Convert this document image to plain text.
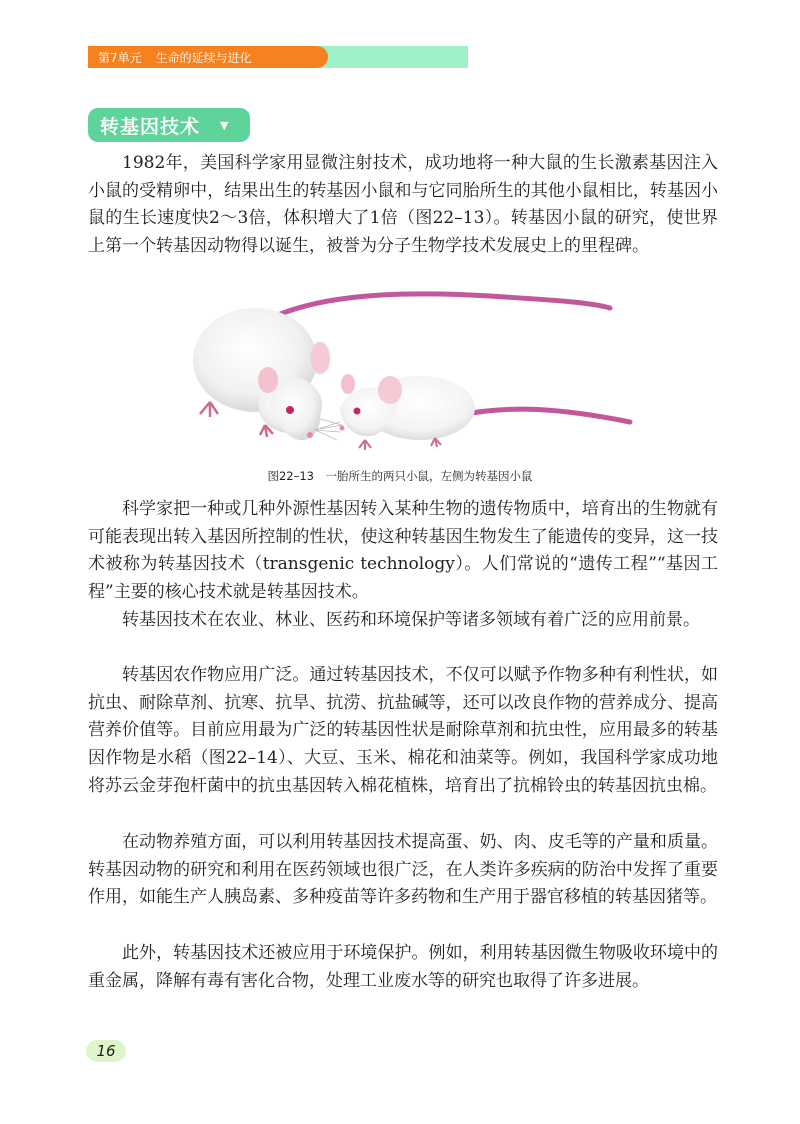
第7单元 生命的延续与进化
转基因技术 ▼

1982年，美国科学家用显微注射技术，成功地将一种大鼠的生长激素基因注入小鼠的受精卵中，结果出生的转基因小鼠和与它同胎所生的其他小鼠相比，转基因小鼠的生长速度快2～3倍，体积增大了1倍（图22–13）。转基因小鼠的研究，使世界上第一个转基因动物得以诞生，被誉为分子生物学技术发展史上的里程碑。

图22–13　一胎所生的两只小鼠，左侧为转基因小鼠

科学家把一种或几种外源性基因转入某种生物的遗传物质中，培育出的生物就有可能表现出转入基因所控制的性状，使这种转基因生物发生了能遗传的变异，这一技术被称为转基因技术（transgenic technology）。人们常说的“遗传工程”“基因工程”主要的核心技术就是转基因技术。

转基因技术在农业、林业、医药和环境保护等诸多领域有着广泛的应用前景。

转基因农作物应用广泛。通过转基因技术，不仅可以赋予作物多种有利性状，如抗虫、耐除草剂、抗寒、抗旱、抗涝、抗盐碱等，还可以改良作物的营养成分、提高营养价值等。目前应用最为广泛的转基因性状是耐除草剂和抗虫性，应用最多的转基因作物是水稻（图22–14）、大豆、玉米、棉花和油菜等。例如，我国科学家成功地将苏云金芽孢杆菌中的抗虫基因转入棉花植株，培育出了抗棉铃虫的转基因抗虫棉。

在动物养殖方面，可以利用转基因技术提高蛋、奶、肉、皮毛等的产量和质量。转基因动物的研究和利用在医药领域也很广泛，在人类许多疾病的防治中发挥了重要作用，如能生产人胰岛素、多种疫苗等许多药物和生产用于器官移植的转基因猪等。

此外，转基因技术还被应用于环境保护。例如，利用转基因微生物吸收环境中的重金属，降解有毒有害化合物，处理工业废水等的研究也取得了许多进展。

16
